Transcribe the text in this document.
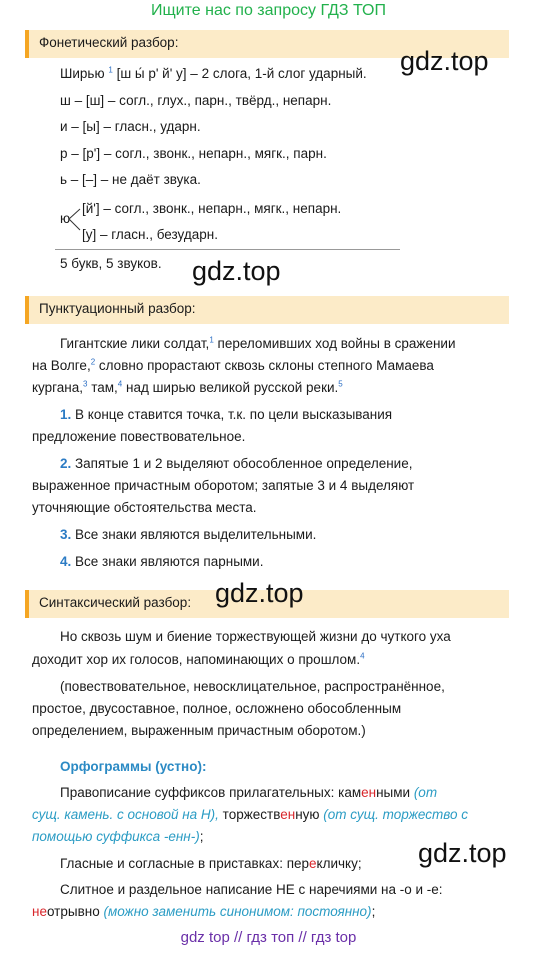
Ищите нас по запросу ГДЗ ТОП
Фонетический разбор:
gdz.top
Ширью $^1$ [ш ы́ р' й' у] – 2 слога, 1-й слог ударный.
ш – [ш] – согл., глух., парн., твёрд., непарн.
и – [ы] – гласн., ударн.
р – [р'] – согл., звонк., непарн., мягк., парн.
ь – [–] – не даёт звука.
ю
[й'] – согл., звонк., непарн., мягк., непарн.
[у] – гласн., безударн.
5 букв, 5 звуков. gdz.top
Пунктуационный разбор:
Гигантские лики солдат,$^1$ переломивших ход войны в сражении
на Волге,$^2$ словно прорастают сквозь склоны степного Мамаева
кургана,$^3$ там,$^4$ над ширью великой русской реки.$^5$
1. В конце ставится точка, т.к. по цели высказывания
предложение повествовательное.
2. Запятые 1 и 2 выделяют обособленное определение,
выраженное причастным оборотом; запятые 3 и 4 выделяют
уточняющие обстоятельства места.
3. Все знаки являются выделительными.
4. Все знаки являются парными.
Синтаксический разбор: gdz.top
Но сквозь шум и биение торжествующей жизни до чуткого уха
доходит хор их голосов, напоминающих о прошлом.$^4$
(повествовательное, невосклицательное, распространённое,
простое, двусоставное, полное, осложнено обособленным
определением, выраженным причастным оборотом.)
Орфограммы (устно):
Правописание суффиксов прилагательных: каменными (от
сущ. камень. с основой на Н), торжественную (от сущ. торжество с
помощью суффикса -енн-);
Гласные и согласные в приставках: перекличку; gdz.top
Слитное и раздельное написание НЕ с наречиями на -о и -е:
неотрывно (можно заменить синонимом: постоянно);
gdz top // гдз топ // гдз top
